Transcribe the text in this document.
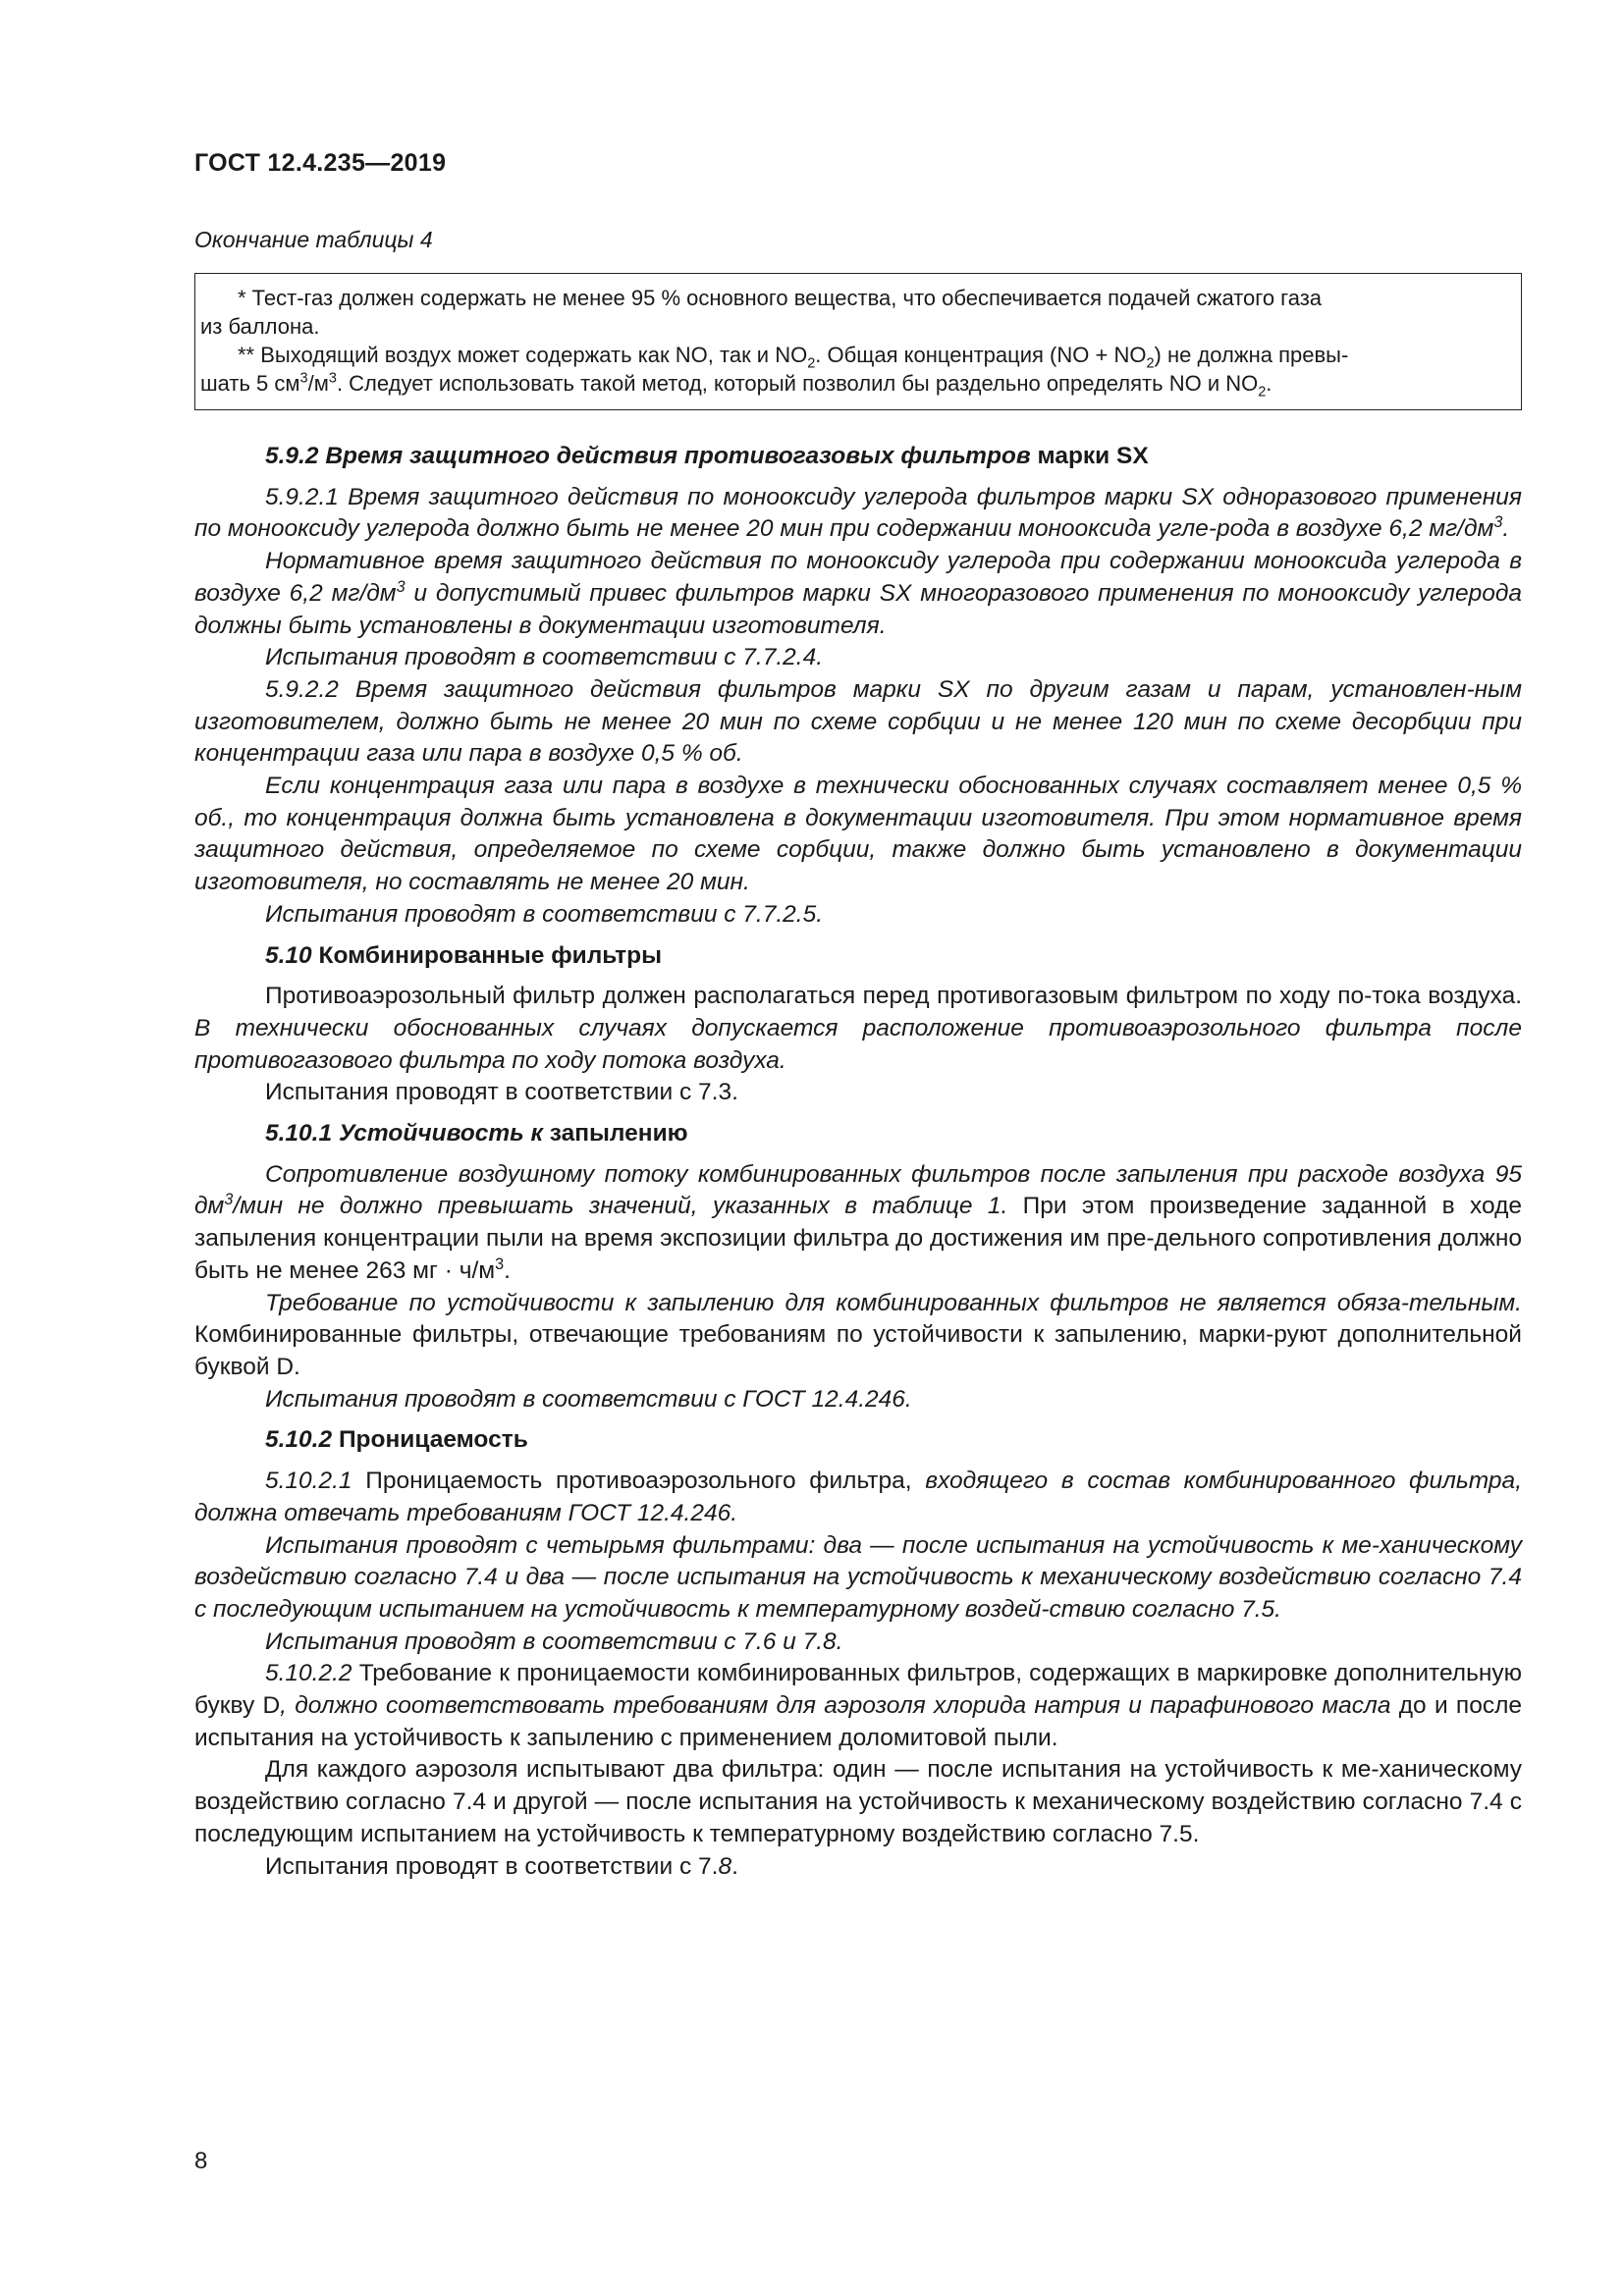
ГОСТ 12.4.235—2019
Окончание таблицы 4

* Тест-газ должен содержать не менее 95 % основного вещества, что обеспечивается подачей сжатого газа

из баллона.

** Выходящий воздух может содержать как NO, так и $NO_2$. Общая концентрация $(NO + NO_2)$ не должна превы-

шать 5 $см^3/м^3$. Следует использовать такой метод, который позволил бы раздельно определять NO и $NO_2$.

5.9.2 Время защитного действия противогазовых фильтров марки SX

5.9.2.1 Время защитного действия по монооксиду углерода фильтров марки SX одноразового применения по монооксиду углерода должно быть не менее 20 мин при содержании монооксида угле-рода в воздухе 6,2 $мг/дм^3$.

Нормативное время защитного действия по монооксиду углерода при содержании монооксида углерода в воздухе 6,2 $мг/дм^3$ и допустимый привес фильтров марки SX многоразового применения по монооксиду углерода должны быть установлены в документации изготовителя.

Испытания проводят в соответствии с 7.7.2.4.

5.9.2.2 Время защитного действия фильтров марки SX по другим газам и парам, установлен-ным изготовителем, должно быть не менее 20 мин по схеме сорбции и не менее 120 мин по схеме десорбции при концентрации газа или пара в воздухе 0,5 % об.

Если концентрация газа или пара в воздухе в технически обоснованных случаях составляет менее 0,5 % об., то концентрация должна быть установлена в документации изготовителя. При этом нормативное время защитного действия, определяемое по схеме сорбции, также должно быть установлено в документации изготовителя, но составлять не менее 20 мин.

Испытания проводят в соответствии с 7.7.2.5.

5.10 Комбинированные фильтры

Противоаэрозольный фильтр должен располагаться перед противогазовым фильтром по ходу по-тока воздуха. В технически обоснованных случаях допускается расположение противоаэрозольного фильтра после противогазового фильтра по ходу потока воздуха.

Испытания проводят в соответствии с 7.3.

5.10.1 Устойчивость к запылению

Сопротивление воздушному потоку комбинированных фильтров после запыления при расходе воздуха 95 $дм^3$/мин не должно превышать значений, указанных в таблице 1. При этом произведение заданной в ходе запыления концентрации пыли на время экспозиции фильтра до достижения им пре-дельного сопротивления должно быть не менее 263 мг · $ч/м^3$.

Требование по устойчивости к запылению для комбинированных фильтров не является обяза-тельным. Комбинированные фильтры, отвечающие требованиям по устойчивости к запылению, марки-руют дополнительной буквой D.

Испытания проводят в соответствии с ГОСТ 12.4.246.

5.10.2 Проницаемость

5.10.2.1 Проницаемость противоаэрозольного фильтра, входящего в состав комбинированного фильтра, должна отвечать требованиям ГОСТ 12.4.246.

Испытания проводят с четырьмя фильтрами: два — после испытания на устойчивость к ме-ханическому воздействию согласно 7.4 и два — после испытания на устойчивость к механическому воздействию согласно 7.4 с последующим испытанием на устойчивость к температурному воздей-ствию согласно 7.5.

Испытания проводят в соответствии с 7.6 и 7.8.

5.10.2.2 Требование к проницаемости комбинированных фильтров, содержащих в маркировке дополнительную букву D, должно соответствовать требованиям для аэрозоля хлорида натрия и парафинового масла до и после испытания на устойчивость к запылению с применением доломитовой пыли.

Для каждого аэрозоля испытывают два фильтра: один — после испытания на устойчивость к ме-ханическому воздействию согласно 7.4 и другой — после испытания на устойчивость к механическому воздействию согласно 7.4 с последующим испытанием на устойчивость к температурному воздействию согласно 7.5.

Испытания проводят в соответствии с 7.8.

8
